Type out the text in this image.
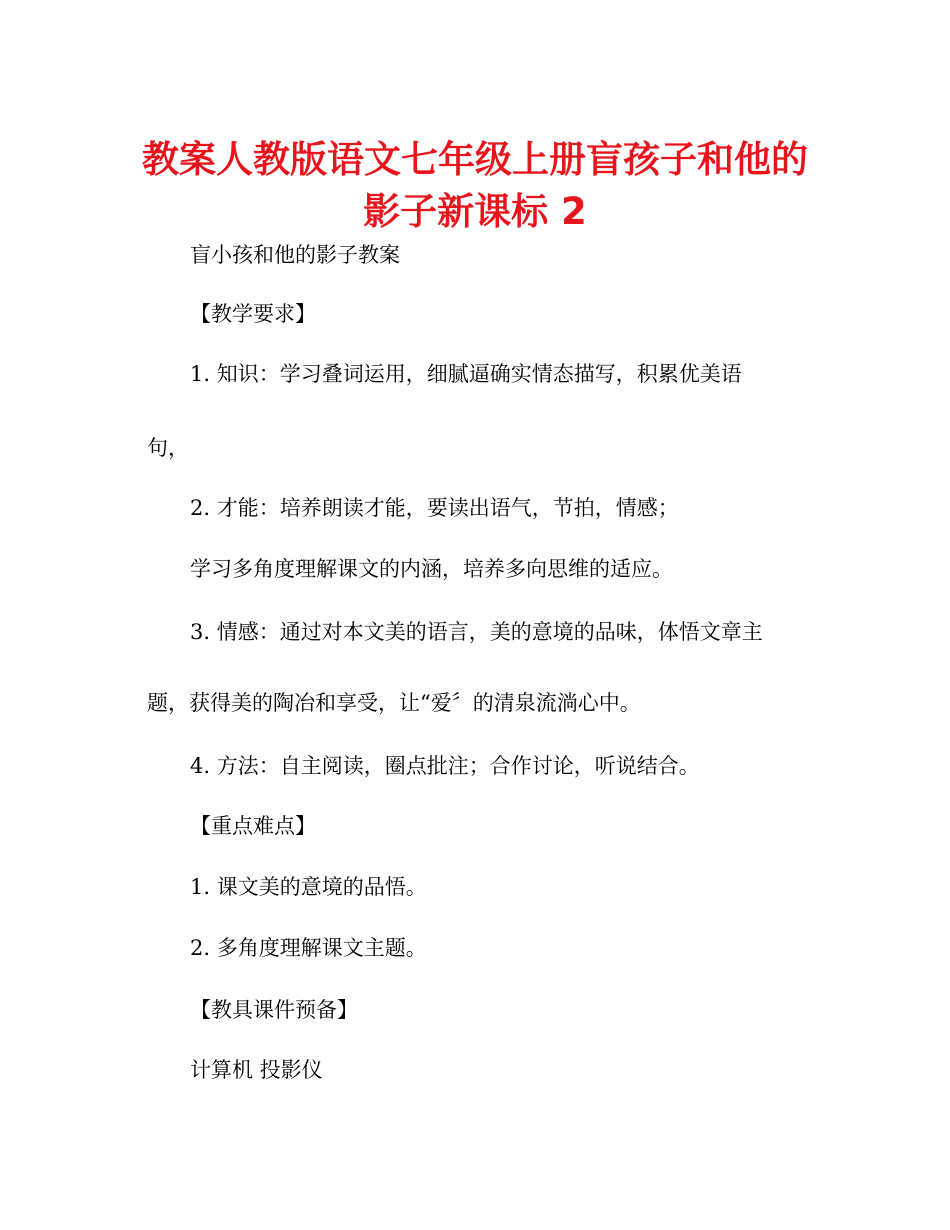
教案人教版语文七年级上册盲孩子和他的
影子新课标 2

盲小孩和他的影子教案

【教学要求】

1. 知识：学习叠词运用，细腻逼确实情态描写，积累优美语

句，

2. 才能：培养朗读才能，要读出语气，节拍，情感；

学习多角度理解课文的内涵，培养多向思维的适应。

3. 情感：通过对本文美的语言，美的意境的品味，体悟文章主

题，获得美的陶冶和享受，让“爱〞的清泉流淌心中。

4. 方法：自主阅读，圈点批注；合作讨论，听说结合。

【重点难点】

1. 课文美的意境的品悟。

2. 多角度理解课文主题。

【教具课件预备】

计算机 投影仪
